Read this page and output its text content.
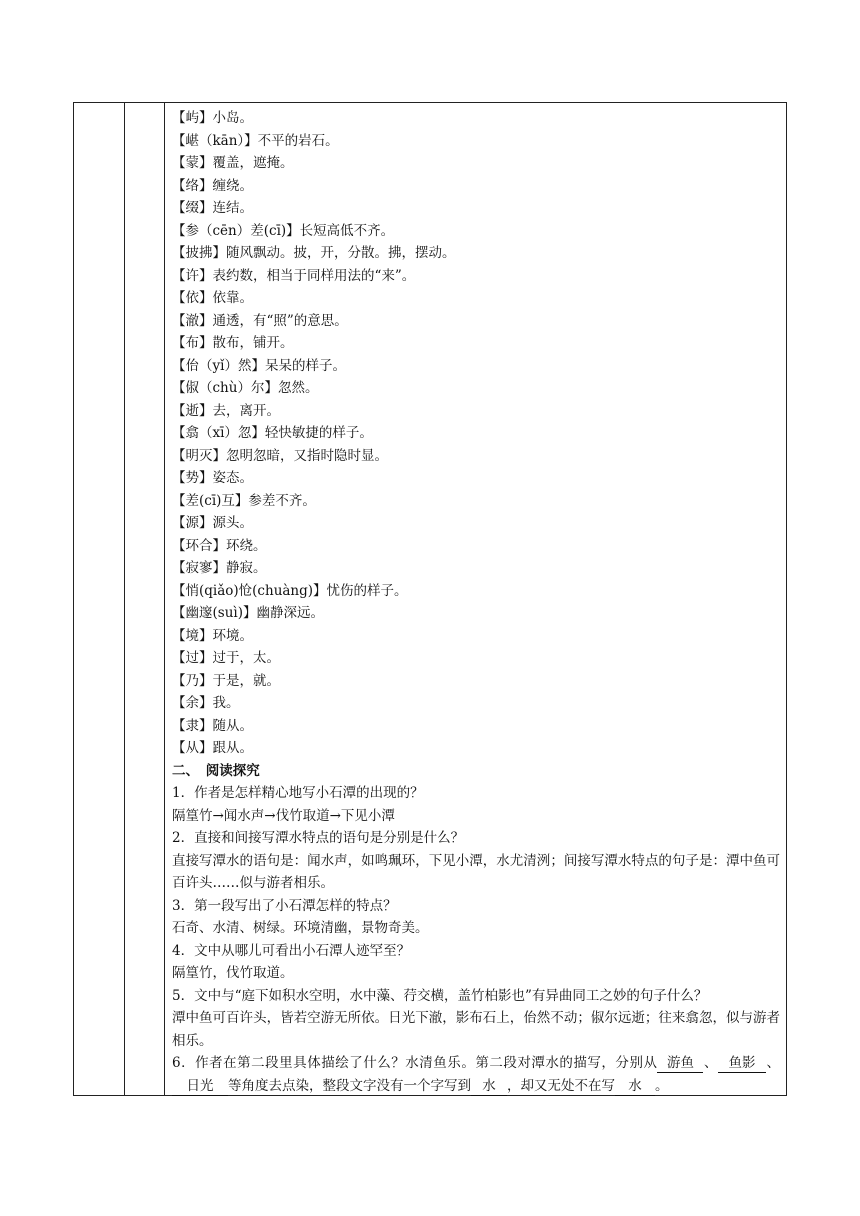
【屿】小岛。
【嵁（kān）】不平的岩石。
【蒙】覆盖，遮掩。
【络】缠绕。
【缀】连结。
【参（cēn）差(cī)】长短高低不齐。
【披拂】随风飘动。披，开，分散。拂，摆动。
【许】表约数，相当于同样用法的“来”。
【依】依靠。
【澈】通透，有“照”的意思。
【布】散布，铺开。
【佁（yǐ）然】呆呆的样子。
【俶（chù）尔】忽然。
【逝】去，离开。
【翕（xī）忽】轻快敏捷的样子。
【明灭】忽明忽暗，又指时隐时显。
【势】姿态。
【差(cī)互】参差不齐。
【源】源头。
【环合】环绕。
【寂寥】静寂。
【悄(qiǎo)怆(chuàng)】忧伤的样子。
【幽邃(suì)】幽静深远。
【境】环境。
【过】过于，太。
【乃】于是，就。
【余】我。
【隶】随从。
【从】跟从。
二、　阅读探究
1．作者是怎样精心地写小石潭的出现的？
隔篁竹→闻水声→伐竹取道→下见小潭
2．直接和间接写潭水特点的语句是分别是什么？
直接写潭水的语句是：闻水声，如鸣珮环，下见小潭，水尤清洌；间接写潭水特点的句子是：潭中鱼可百许头……似与游者相乐。
3．第一段写出了小石潭怎样的特点？
石奇、水清、树绿。环境清幽，景物奇美。
4．文中从哪儿可看出小石潭人迹罕至？
隔篁竹，伐竹取道。
5．文中与“庭下如积水空明，水中藻、荇交横，盖竹柏影也”有异曲同工之妙的句子什么？
潭中鱼可百许头，皆若空游无所依。日光下澈，影布石上，佁然不动；俶尔远逝；往来翕忽，似与游者相乐。
6．作者在第二段里具体描绘了什么？水清鱼乐。第二段对潭水的描写，分别从 游鱼 、 鱼影 、日光 等角度去点染，整段文字没有一个字写到 水 ，却又无处不在写 水 。
